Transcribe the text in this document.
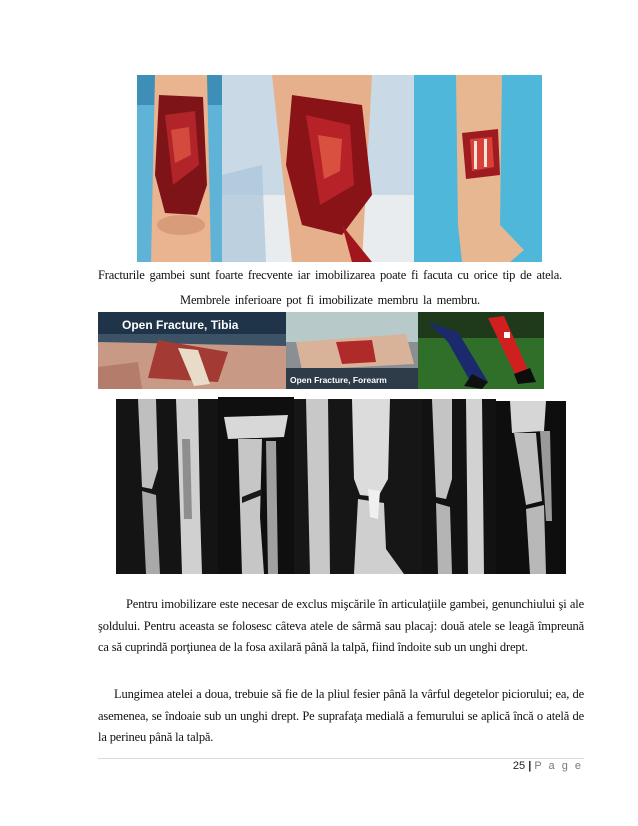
Fracturile gambei sunt foarte frecvente iar imobilizarea poate fi facuta cu orice tip de atela.
Membrele inferioare pot fi imobilizate membru la membru.
Open Fracture, Tibia
Open Fracture, Forearm

Pentru imobilizare este necesar de exclus mişcările în articulaţiile gambei, genunchiului şi ale şoldului. Pentru aceasta se folosesc câteva atele de sârmă sau placaj: două atele se leagă împreună ca să cuprindă porţiunea de la fosa axilară până la talpă, fiind îndoite sub un unghi drept.

Lungimea atelei a doua, trebuie să fie de la pliul fesier până la vârful degetelor piciorului; ea, de asemenea, se îndoaie sub un unghi drept. Pe suprafaţa medială a femurului se aplică încă o atelă de la perineu până la talpă.

25 | P a g e
